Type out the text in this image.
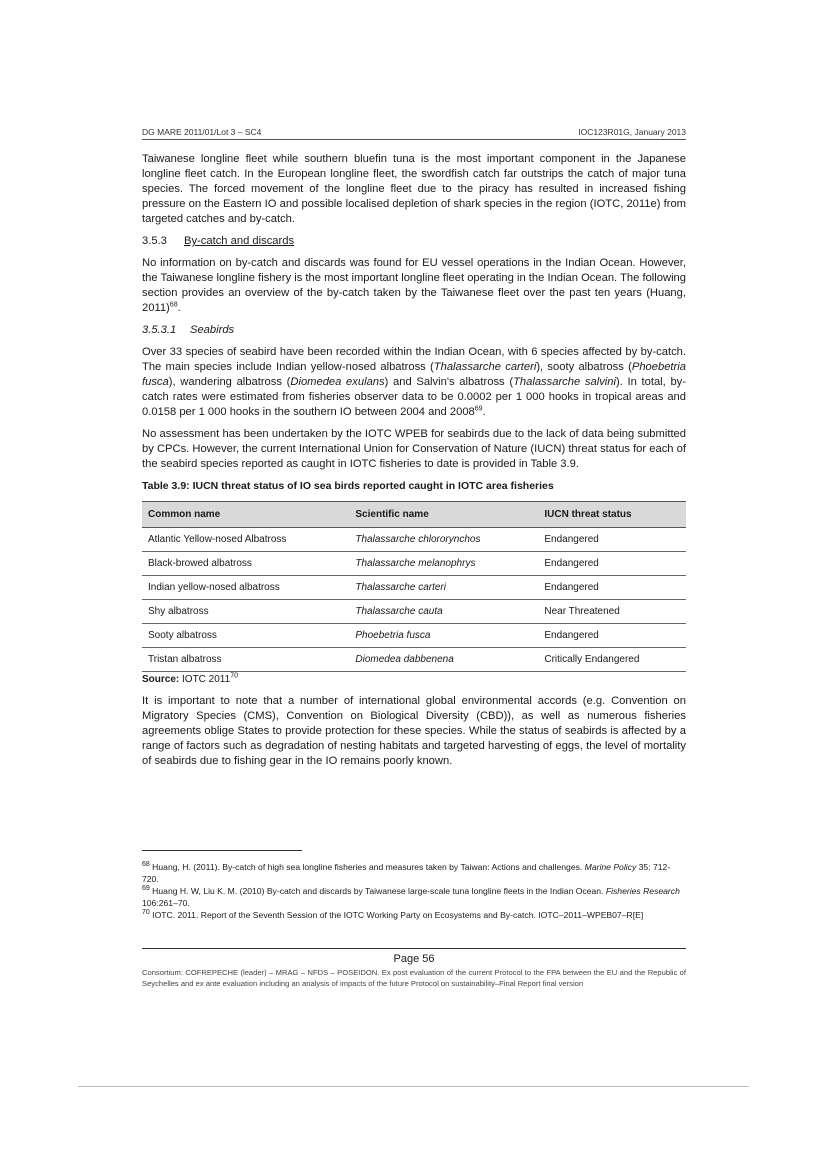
DG MARE 2011/01/Lot 3 – SC4	IOC123R01G, January 2013

Taiwanese longline fleet while southern bluefin tuna is the most important component in the Japanese longline fleet catch. In the European longline fleet, the swordfish catch far outstrips the catch of major tuna species. The forced movement of the longline fleet due to the piracy has resulted in increased fishing pressure on the Eastern IO and possible localised depletion of shark species in the region (IOTC, 2011e) from targeted catches and by-catch.

3.5.3 By-catch and discards

No information on by-catch and discards was found for EU vessel operations in the Indian Ocean. However, the Taiwanese longline fishery is the most important longline fleet operating in the Indian Ocean. The following section provides an overview of the by-catch taken by the Taiwanese fleet over the past ten years (Huang, 2011)$^{68}$.

3.5.3.1 Seabirds

Over 33 species of seabird have been recorded within the Indian Ocean, with 6 species affected by by-catch. The main species include Indian yellow-nosed albatross (Thalassarche carteri), sooty albatross (Phoebetria fusca), wandering albatross (Diomedea exulans) and Salvin's albatross (Thalassarche salvini). In total, by-catch rates were estimated from fisheries observer data to be 0.0002 per 1 000 hooks in tropical areas and 0.0158 per 1 000 hooks in the southern IO between 2004 and 2008$^{69}$.

No assessment has been undertaken by the IOTC WPEB for seabirds due to the lack of data being submitted by CPCs. However, the current International Union for Conservation of Nature (IUCN) threat status for each of the seabird species reported as caught in IOTC fisheries to date is provided in Table 3.9.

Table 3.9: IUCN threat status of IO sea birds reported caught in IOTC area fisheries

Common name	Scientific name	IUCN threat status
Atlantic Yellow-nosed Albatross	Thalassarche chlororynchos	Endangered
Black-browed albatross	Thalassarche melanophrys	Endangered
Indian yellow-nosed albatross	Thalassarche carteri	Endangered
Shy albatross	Thalassarche cauta	Near Threatened
Sooty albatross	Phoebetria fusca	Endangered
Tristan albatross	Diomedea dabbenena	Critically Endangered

Source: IOTC 2011$^{70}$

It is important to note that a number of international global environmental accords (e.g. Convention on Migratory Species (CMS), Convention on Biological Diversity (CBD)), as well as numerous fisheries agreements oblige States to provide protection for these species. While the status of seabirds is affected by a range of factors such as degradation of nesting habitats and targeted harvesting of eggs, the level of mortality of seabirds due to fishing gear in the IO remains poorly known.

$^{68}$ Huang, H. (2011). By-catch of high sea longline fisheries and measures taken by Taiwan: Actions and challenges. Marine Policy 35: 712-720.

$^{69}$ Huang H. W, Liu K. M. (2010) By-catch and discards by Taiwanese large-scale tuna longline fleets in the Indian Ocean. Fisheries Research 106:261–70.

$^{70}$ IOTC. 2011. Report of the Seventh Session of the IOTC Working Party on Ecosystems and By-catch. IOTC–2011–WPEB07–R[E]

Page 56
Consortium: COFREPECHE (leader) – MRAG – NFDS – POSEIDON. Ex post evaluation of the current Protocol to the FPA between the EU and the Republic of Seychelles and ex ante evaluation including an analysis of impacts of the future Protocol on sustainability–Final Report final version
